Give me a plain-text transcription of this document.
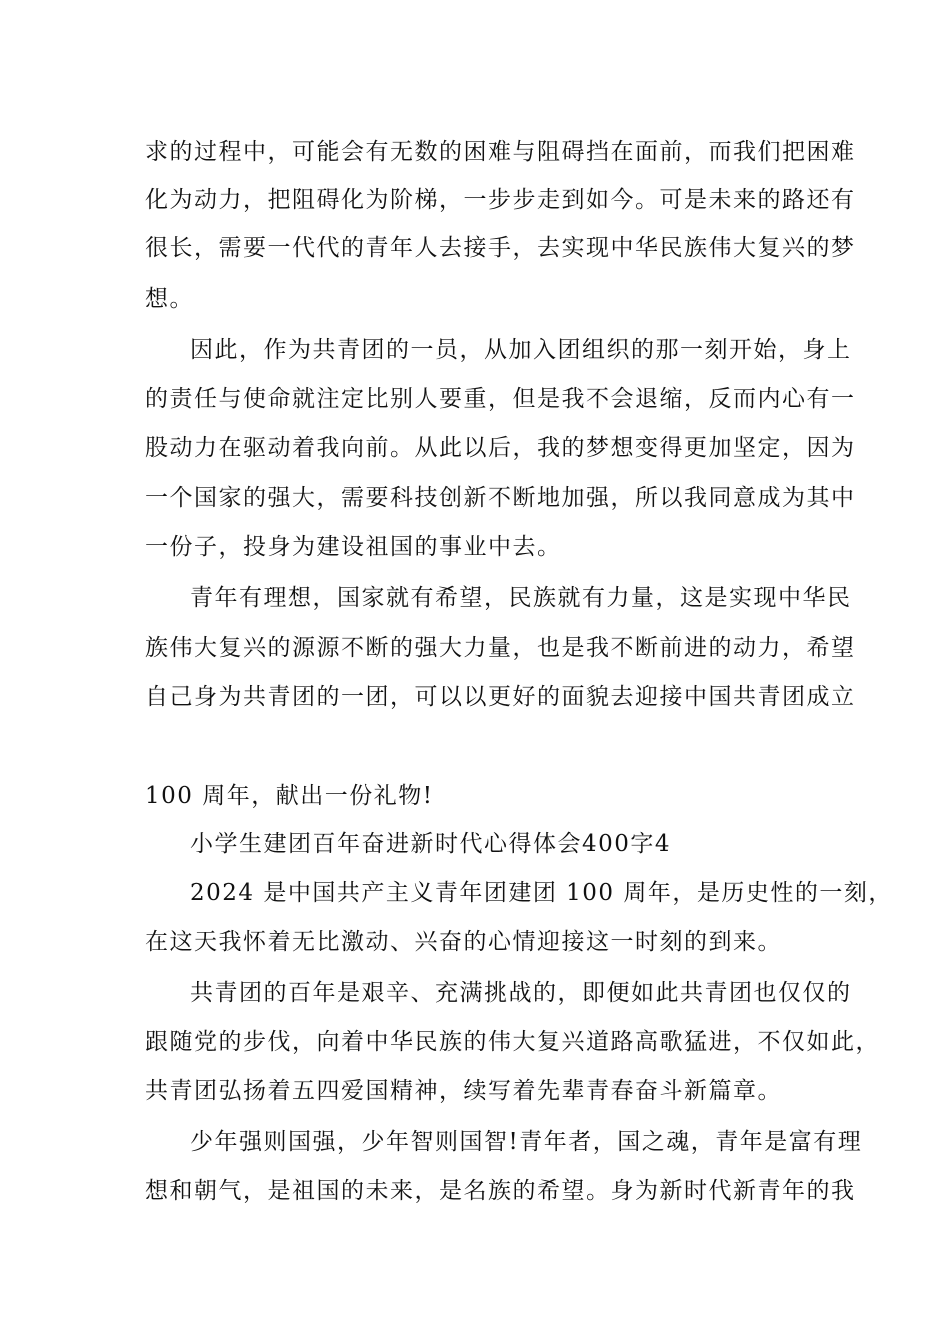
求的过程中，可能会有无数的困难与阻碍挡在面前，而我们把困难
化为动力，把阻碍化为阶梯，一步步走到如今。可是未来的路还有
很长，需要一代代的青年人去接手，去实现中华民族伟大复兴的梦
想。
因此，作为共青团的一员，从加入团组织的那一刻开始，身上
的责任与使命就注定比别人要重，但是我不会退缩，反而内心有一
股动力在驱动着我向前。从此以后，我的梦想变得更加坚定，因为
一个国家的强大，需要科技创新不断地加强，所以我同意成为其中
一份子，投身为建设祖国的事业中去。
青年有理想，国家就有希望，民族就有力量，这是实现中华民
族伟大复兴的源源不断的强大力量，也是我不断前进的动力，希望
自己身为共青团的一团，可以以更好的面貌去迎接中国共青团成立
100 周年，献出一份礼物!
小学生建团百年奋进新时代心得体会400字4
2024 是中国共产主义青年团建团 100 周年，是历史性的一刻，
在这天我怀着无比激动、兴奋的心情迎接这一时刻的到来。
共青团的百年是艰辛、充满挑战的，即便如此共青团也仅仅的
跟随党的步伐，向着中华民族的伟大复兴道路高歌猛进，不仅如此，
共青团弘扬着五四爱国精神，续写着先辈青春奋斗新篇章。
少年强则国强，少年智则国智!青年者，国之魂，青年是富有理
想和朝气，是祖国的未来，是名族的希望。身为新时代新青年的我
